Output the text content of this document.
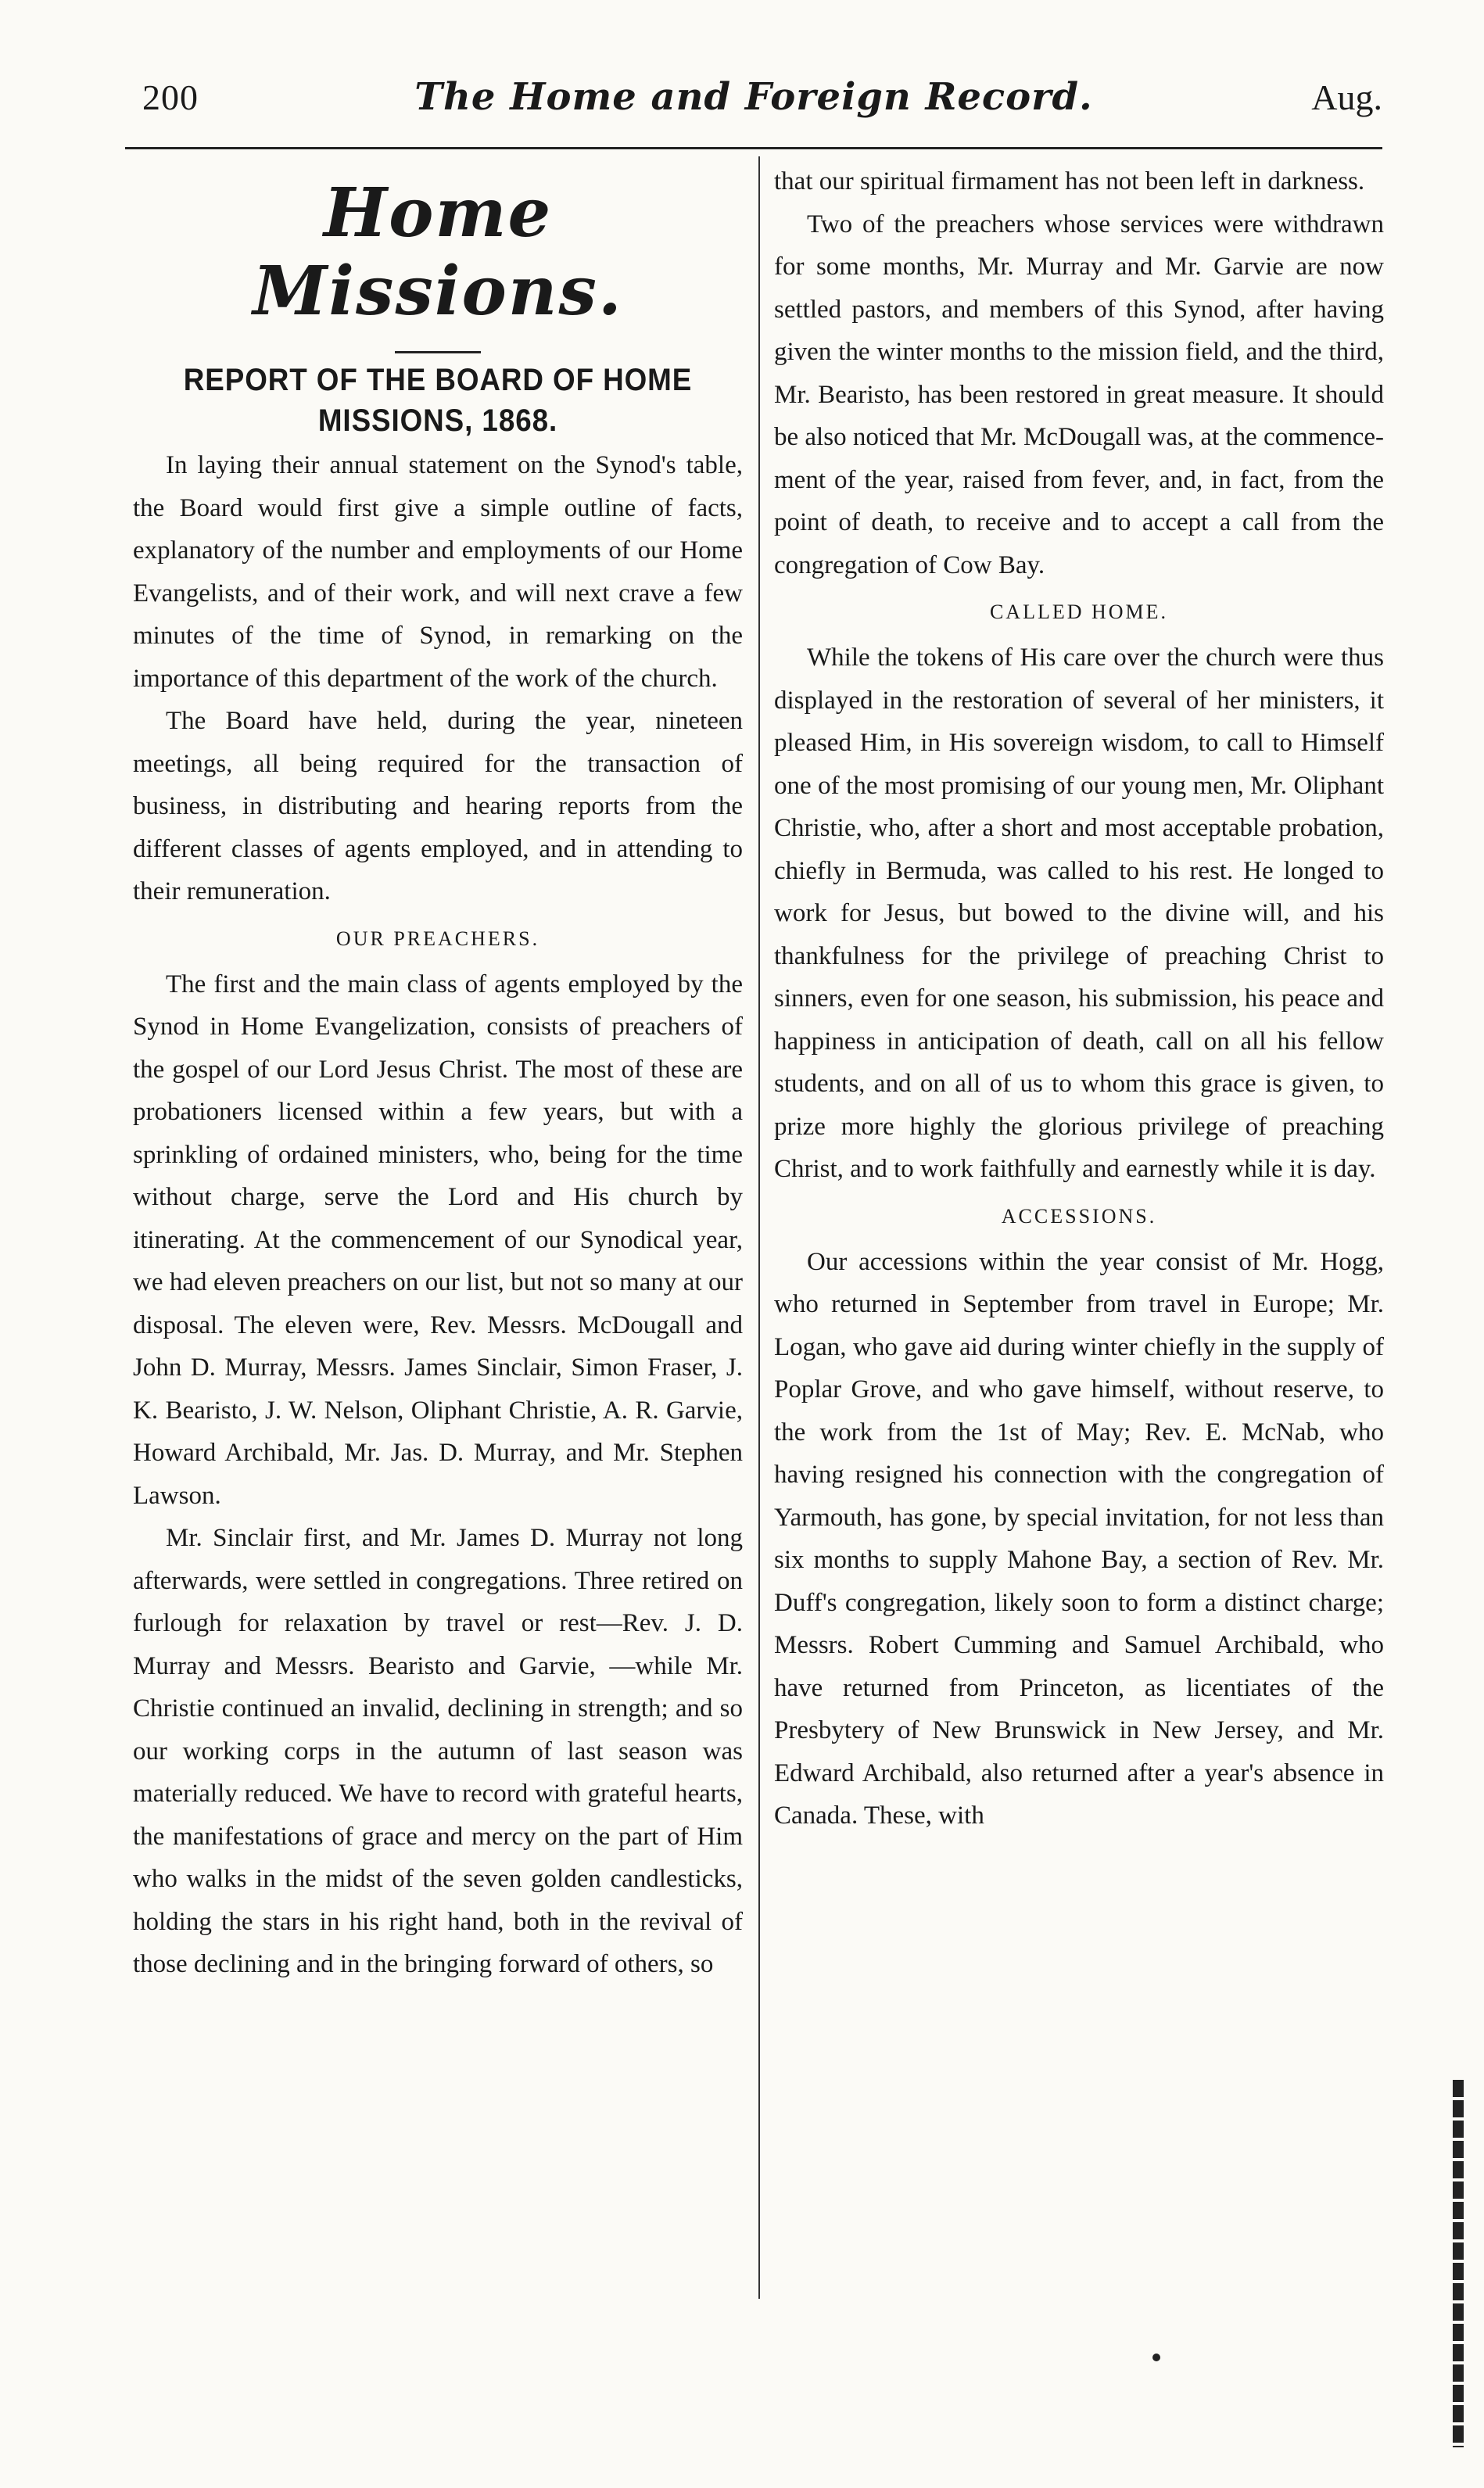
200	The Home and Foreign Record.	Aug.
Home Missions.
REPORT OF THE BOARD OF HOME MISSIONS, 1868.

In laying their annual statement on the Synod's table, the Board would first give a simple outline of facts, explanatory of the number and employments of our Home Evangelists, and of their work, and will next crave a few minutes of the time of Synod, in remarking on the importance of this department of the work of the church.

The Board have held, during the year, nineteen meetings, all being required for the transaction of business, in distributing and hearing reports from the different classes of agents employed, and in attending to their remuneration.

OUR PREACHERS.

The first and the main class of agents employed by the Synod in Home Evangelization, consists of preachers of the gospel of our Lord Jesus Christ. The most of these are probationers licensed within a few years, but with a sprinkling of ordained ministers, who, being for the time without charge, serve the Lord and His church by itinerating. At the commencement of our Synodical year, we had eleven preachers on our list, but not so many at our disposal. The eleven were, Rev. Messrs. McDougall and John D. Murray, Messrs. James Sinclair, Simon Fraser, J. K. Bearisto, J. W. Nelson, Oliphant Christie, A. R. Garvie, Howard Archibald, Mr. Jas. D. Murray, and Mr. Stephen Lawson.

Mr. Sinclair first, and Mr. James D. Murray not long afterwards, were settled in congregations. Three retired on furlough for relaxation by travel or rest—Rev. J. D. Murray and Messrs. Bearisto and Garvie, —while Mr. Christie continued an invalid, declining in strength; and so our working corps in the autumn of last season was materially reduced. We have to record with grateful hearts, the manifestations of grace and mercy on the part of Him who walks in the midst of the seven golden candlesticks, holding the stars in his right hand, both in the revival of those declining and in the bringing forward of others, so

that our spiritual firmament has not been left in darkness.

Two of the preachers whose services were withdrawn for some months, Mr. Murray and Mr. Garvie are now settled pastors, and members of this Synod, after having given the winter months to the mission field, and the third, Mr. Bearisto, has been restored in great measure. It should be also noticed that Mr. McDougall was, at the commencement of the year, raised from fever, and, in fact, from the point of death, to receive and to accept a call from the congregation of Cow Bay.

CALLED HOME.

While the tokens of His care over the church were thus displayed in the restoration of several of her ministers, it pleased Him, in His sovereign wisdom, to call to Himself one of the most promising of our young men, Mr. Oliphant Christie, who, after a short and most acceptable probation, chiefly in Bermuda, was called to his rest. He longed to work for Jesus, but bowed to the divine will, and his thankfulness for the privilege of preaching Christ to sinners, even for one season, his submission, his peace and happiness in anticipation of death, call on all his fellow students, and on all of us to whom this grace is given, to prize more highly the glorious privilege of preaching Christ, and to work faithfully and earnestly while it is day.

ACCESSIONS.

Our accessions within the year consist of Mr. Hogg, who returned in September from travel in Europe; Mr. Logan, who gave aid during winter chiefly in the supply of Poplar Grove, and who gave himself, without reserve, to the work from the 1st of May; Rev. E. McNab, who having resigned his connection with the congregation of Yarmouth, has gone, by special invitation, for not less than six months to supply Mahone Bay, a section of Rev. Mr. Duff's congregation, likely soon to form a distinct charge; Messrs. Robert Cumming and Samuel Archibald, who have returned from Princeton, as licentiates of the Presbytery of New Brunswick in New Jersey, and Mr. Edward Archibald, also returned after a year's absence in Canada. These, with
